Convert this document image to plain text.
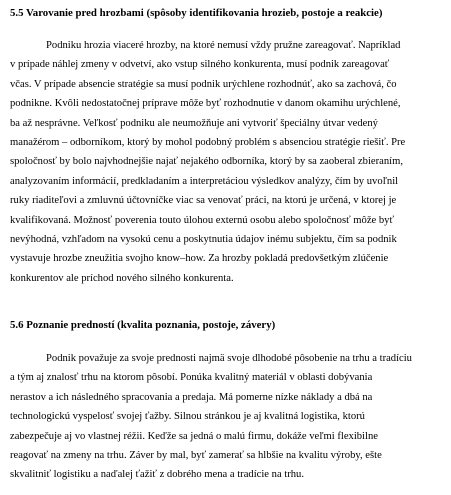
5.5 Varovanie pred hrozbami (spôsoby identifikovania hrozieb, postoje a reakcie)
Podniku hrozia viaceré hrozby, na ktoré nemusí vždy pružne zareagovať. Napríklad
v prípade náhlej zmeny v odvetví, ako vstup silného konkurenta, musí podnik zareagovať
včas. V prípade absencie stratégie sa musí podnik urýchlene rozhodnúť, ako sa zachová, čo
podnikne. Kvôli nedostatočnej príprave môže byť rozhodnutie v danom okamihu urýchlené,
ba až nesprávne. Veľkosť podniku ale neumožňuje ani vytvoriť špeciálny útvar vedený
manažérom – odborníkom, ktorý by mohol podobný problém s absenciou stratégie riešiť. Pre
spoločnosť by bolo najvhodnejšie najať nejakého odborníka, ktorý by sa zaoberal zbieraním,
analyzovaním informácií, predkladaním a interpretáciou výsledkov analýzy, čím by uvoľnil
ruky riaditeľovi a zmluvnú účtovníčke viac sa venovať práci, na ktorú je určená, v ktorej je
kvalifikovaná. Možnosť poverenia touto úlohou externú osobu alebo spoločnosť môže byť
nevýhodná, vzhľadom na vysokú cenu a poskytnutia údajov inému subjektu, čím sa podnik
vystavuje hrozbe zneužitia svojho know–how. Za hrozby pokladá predovšetkým zlúčenie
konkurentov ale príchod nového silného konkurenta.
5.6 Poznanie predností (kvalita poznania, postoje, závery)
Podnik považuje za svoje prednosti najmä svoje dlhodobé pôsobenie na trhu a tradíciu
a tým aj znalosť trhu na ktorom pôsobí. Ponúka kvalitný materiál v oblasti dobývania
nerastov a ich následného spracovania a predaja. Má pomerne nízke náklady a dbá na
technologickú vyspelosť svojej ťažby. Silnou stránkou je aj kvalitná logistika, ktorú
zabezpečuje aj vo vlastnej réžii. Keďže sa jedná o malú firmu, dokáže veľmi flexibilne
reagovať na zmeny na trhu. Záver by mal, byť zamerať sa hlbšie na kvalitu výroby, ešte
skvalitniť logistiku a naďalej ťažiť z dobrého mena a tradície na trhu.
